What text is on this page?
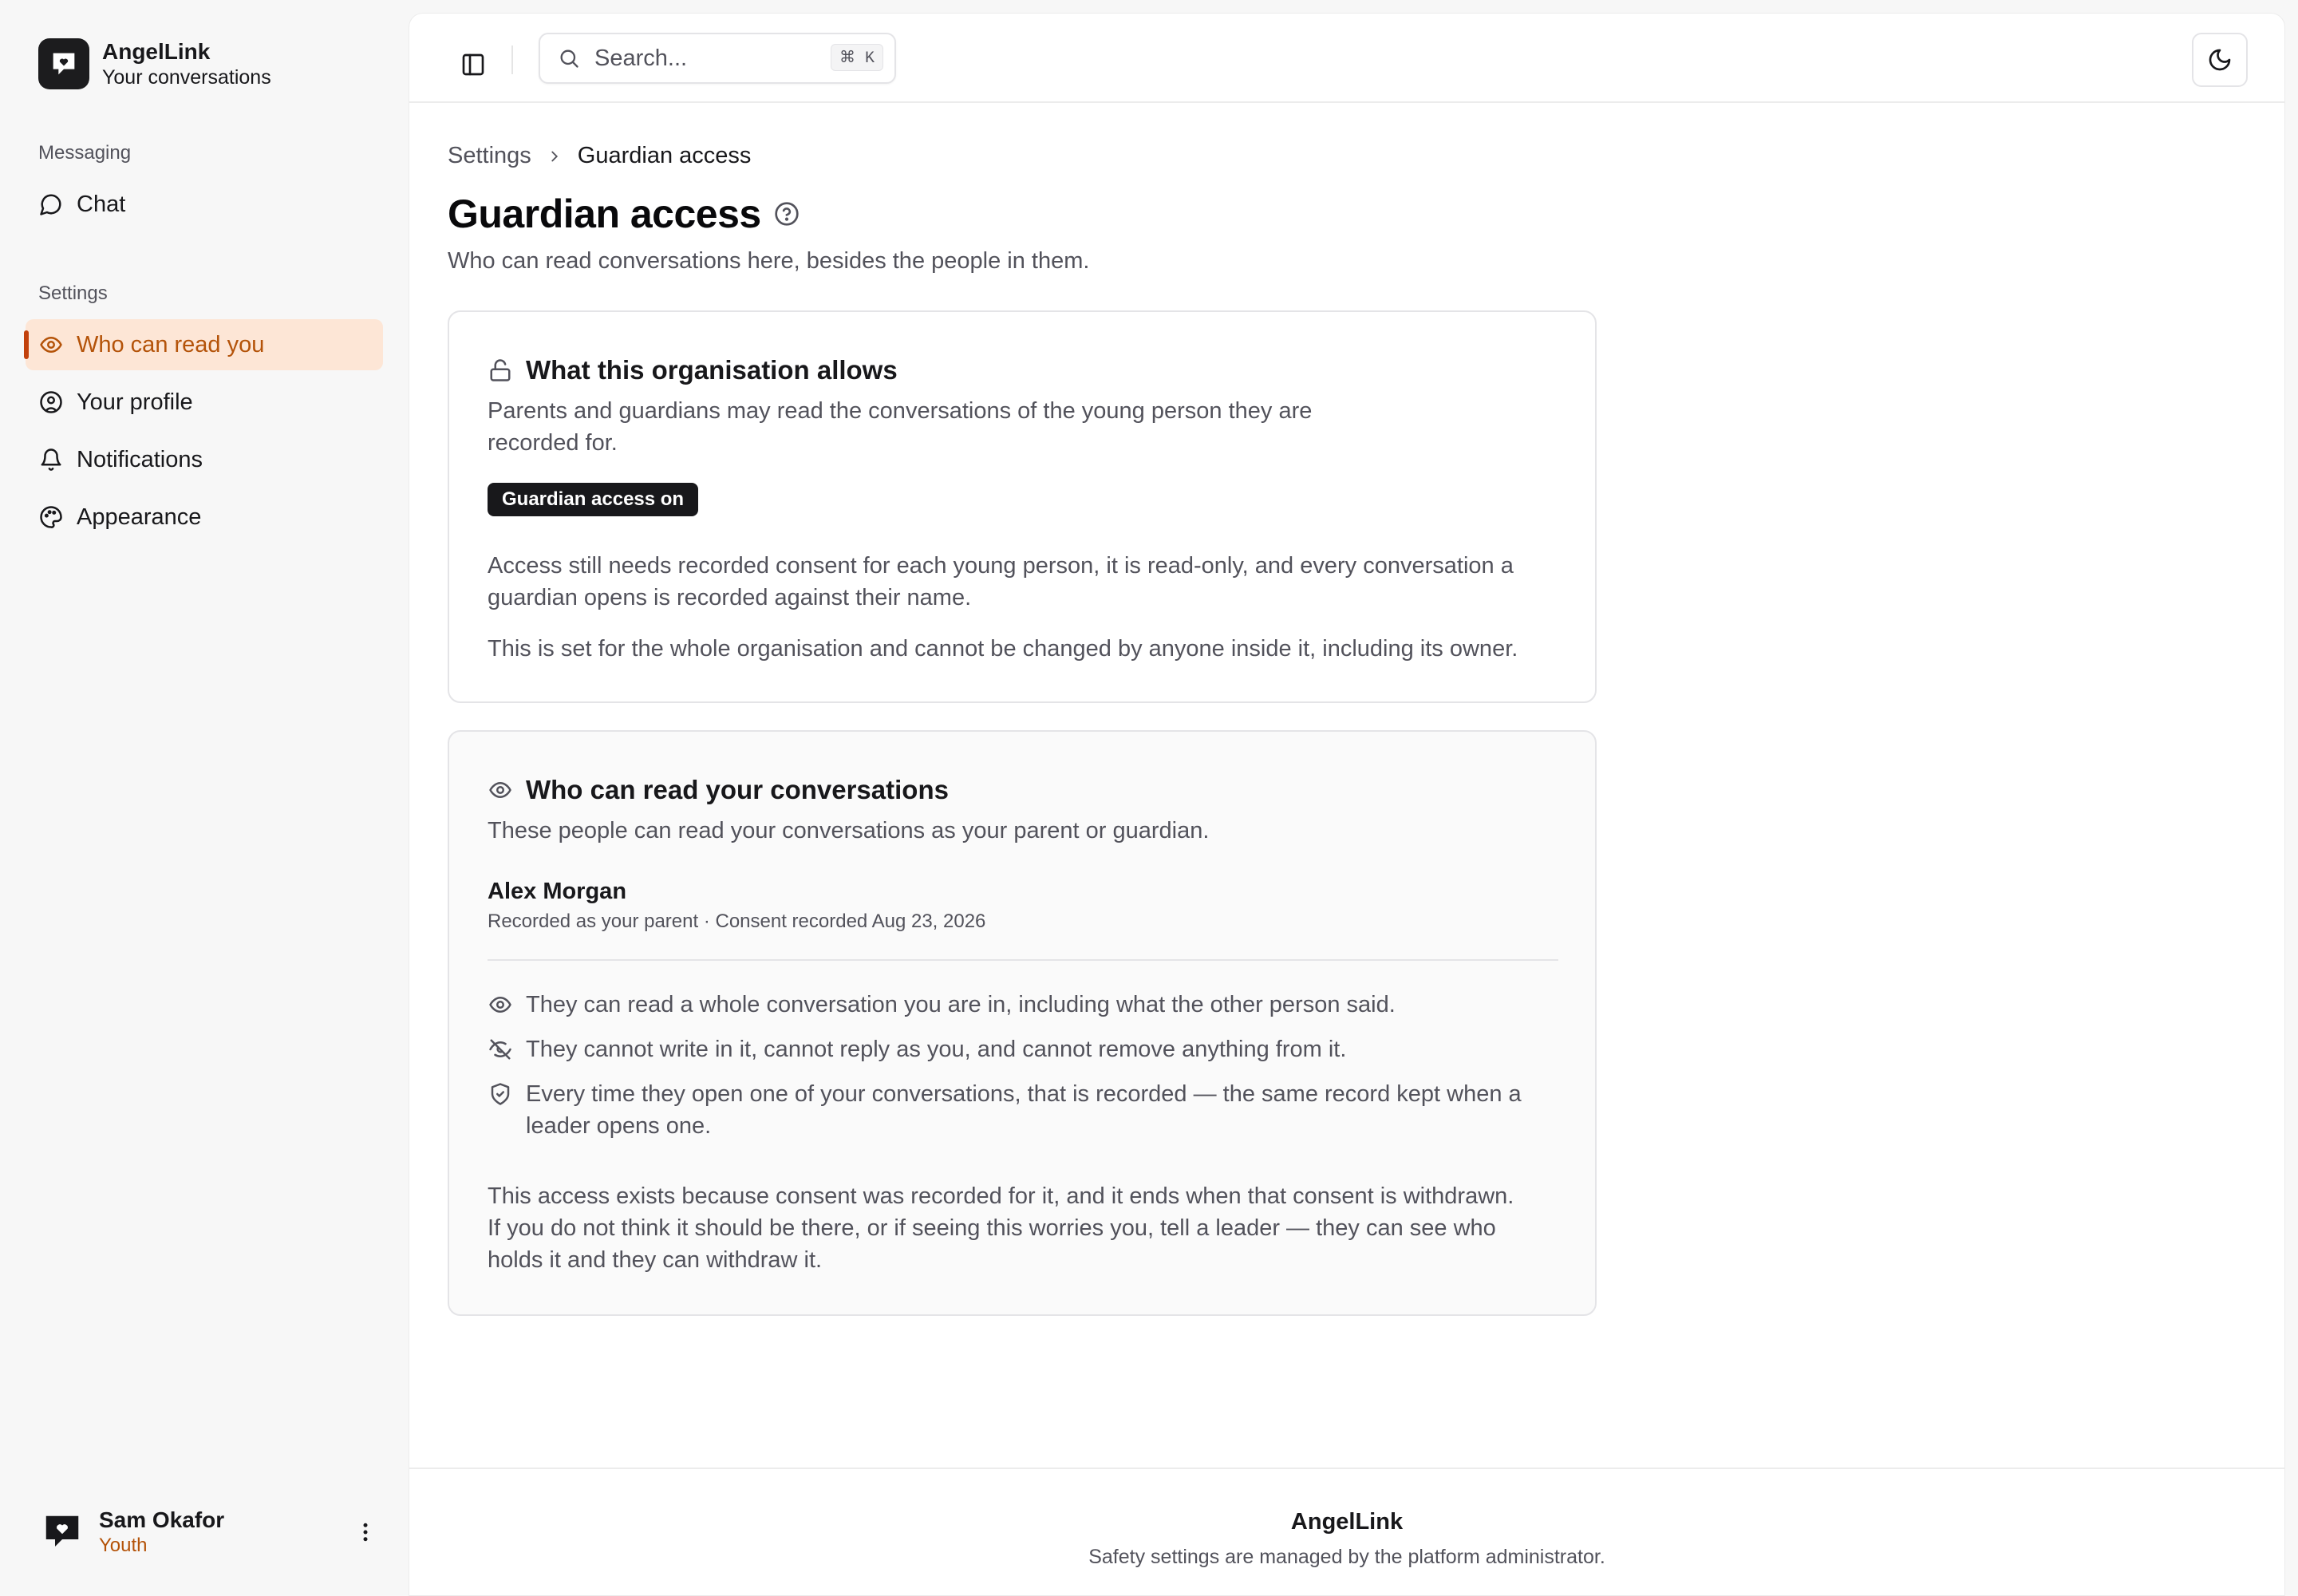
AngelLink
Your conversations
Messaging
Chat
Settings
Who can read you
Your profile
Notifications
Appearance
Sam Okafor
Youth
Search...
⌘ K
Settings Guardian access
Guardian access
Who can read conversations here, besides the people in them.
What this organisation allows
Parents and guardians may read the conversations of the young person they are
recorded for.
Guardian access on
Access still needs recorded consent for each young person, it is read-only, and every conversation a
guardian opens is recorded against their name.
This is set for the whole organisation and cannot be changed by anyone inside it, including its owner.
Who can read your conversations
These people can read your conversations as your parent or guardian.
Alex Morgan
Recorded as your parent · Consent recorded Aug 23, 2026
They can read a whole conversation you are in, including what the other person said.
They cannot write in it, cannot reply as you, and cannot remove anything from it.
Every time they open one of your conversations, that is recorded — the same record kept when a
leader opens one.
This access exists because consent was recorded for it, and it ends when that consent is withdrawn.
If you do not think it should be there, or if seeing this worries you, tell a leader — they can see who
holds it and they can withdraw it.
AngelLink
Safety settings are managed by the platform administrator.
